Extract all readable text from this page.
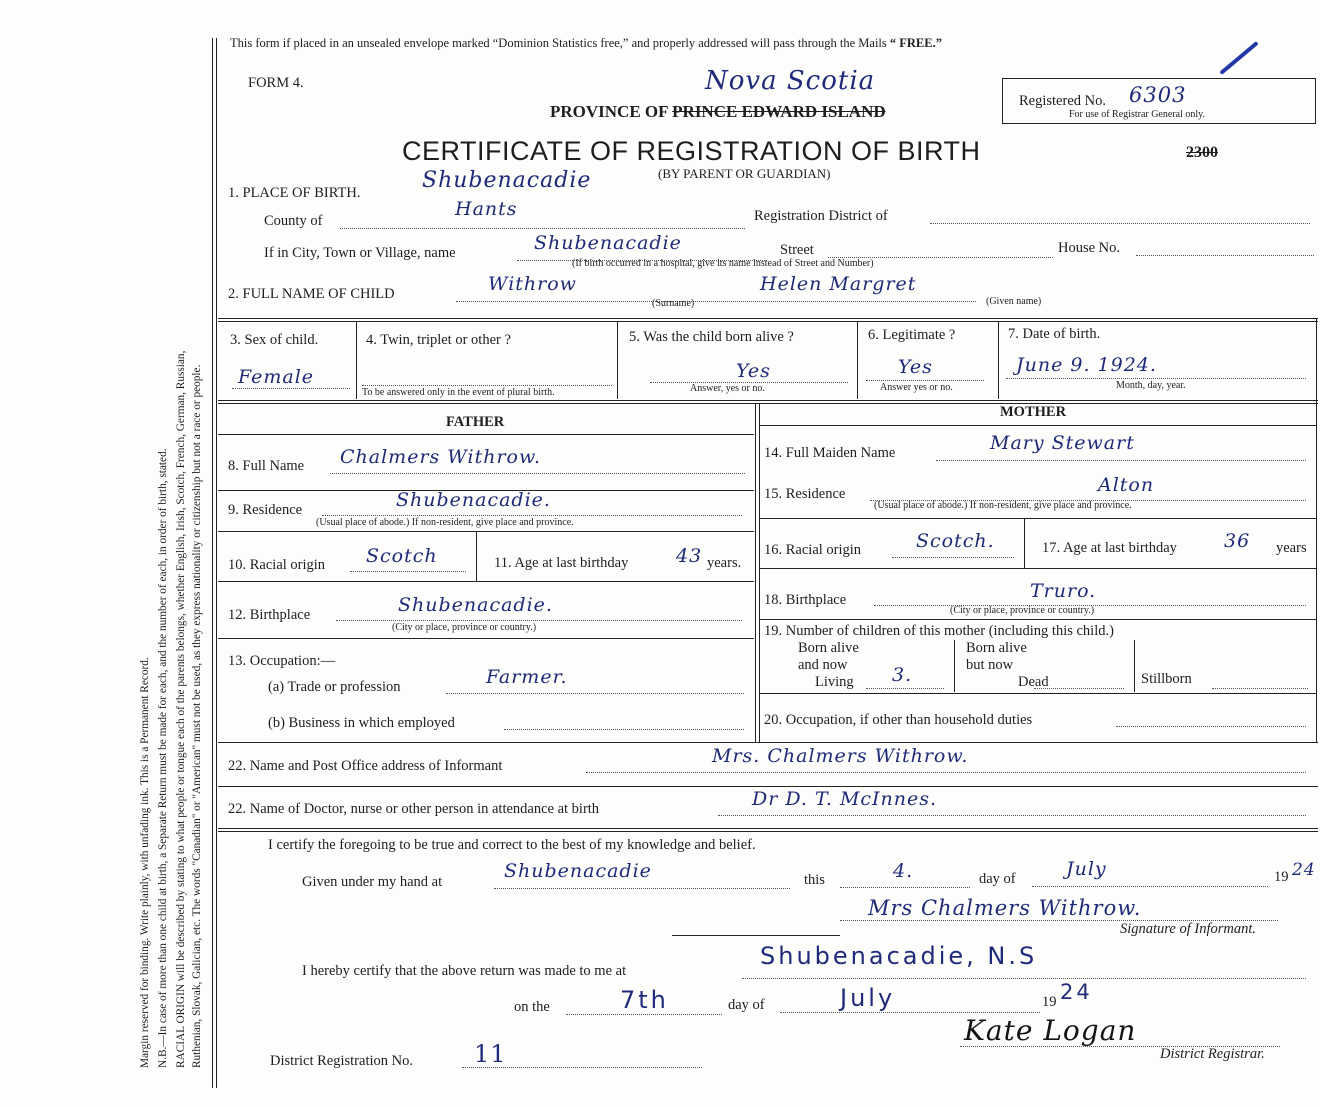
Margin reserved for binding. Write plainly, with unfading ink. This is a Permanent Record. N.B.—In case of more than one child at birth, a Separate Return must be made for each, and the number of each, in order of birth, stated. RACIAL ORIGIN will be described by stating to what people or tongue each of the parents belongs, whether English, Irish, Scotch, French, German, Russian, Ruthenian, Slovak, Galician, etc. The words "Canadian" or "American" must not be used, as they express nationality or citizenship but not a race or people.
This form if placed in an unsealed envelope marked “Dominion Statistics free,” and properly addressed will pass through the Mails “ FREE.”
FORM 4.	Nova Scotia
PROVINCE OF PRINCE EDWARD ISLAND
Registered No. 6303
For use of Registrar General only.
2300
CERTIFICATE OF REGISTRATION OF BIRTH
1. PLACE OF BIRTH.	Shubenacadie	(BY PARENT OR GUARDIAN)
County of
Hants	Registration District of
If in City, Town or Village, name	Shubenacadie	Street	House No.
(If birth occurred in a hospital, give its name instead of Street and Number)
2. FULL NAME OF CHILD	Withrow	Helen Margret
(Surname)	(Given name)
3. Sex of child.
Female
4. Twin, triplet or other ?
To be answered only in the event of plural birth.
5. Was the child born alive ?
Yes
Answer, yes or no.
6. Legitimate ?
Yes
Answer yes or no.
7. Date of birth.
June 9. 1924.
Month, day, year.
FATHER
8. Full Name Chalmers Withrow.
9. Residence	Shubenacadie.
(Usual place of abode.) If non-resident, give place and province.
10. Racial origin Scotch	11. Age at last birthday	43 years.
12. Birthplace	Shubenacadie.
(City or place, province or country.)
13. Occupation:—
(a) Trade or profession	Farmer.
(b) Business in which employed
MOTHER
14. Full Maiden Name	Mary Stewart
15. Residence	Alton
(Usual place of abode.) If non-resident, give place and province.
16. Racial origin	Scotch.	17. Age at last birthday 36 years
18. Birthplace	Truro.
(City or place, province or country.)
19. Number of children of this mother (including this child.)
Born alive
and now
Living 3.
Born alive
but now
Dead	Stillborn
20. Occupation, if other than household duties
22. Name and Post Office address of Informant	Mrs. Chalmers Withrow.
22. Name of Doctor, nurse or other person in attendance at birth	Dr D. T. McInnes.
I certify the foregoing to be true and correct to the best of my knowledge and belief.
Given under my hand at	Shubenacadie	this	4.	day of	July	19 24
Mrs Chalmers Withrow.
Signature of Informant.
I hereby certify that the above return was made to me at
Shubenacadie, N.S
on the	7th	day of	July	19 24
Kate Logan
District Registrar.
District Registration No.	11
